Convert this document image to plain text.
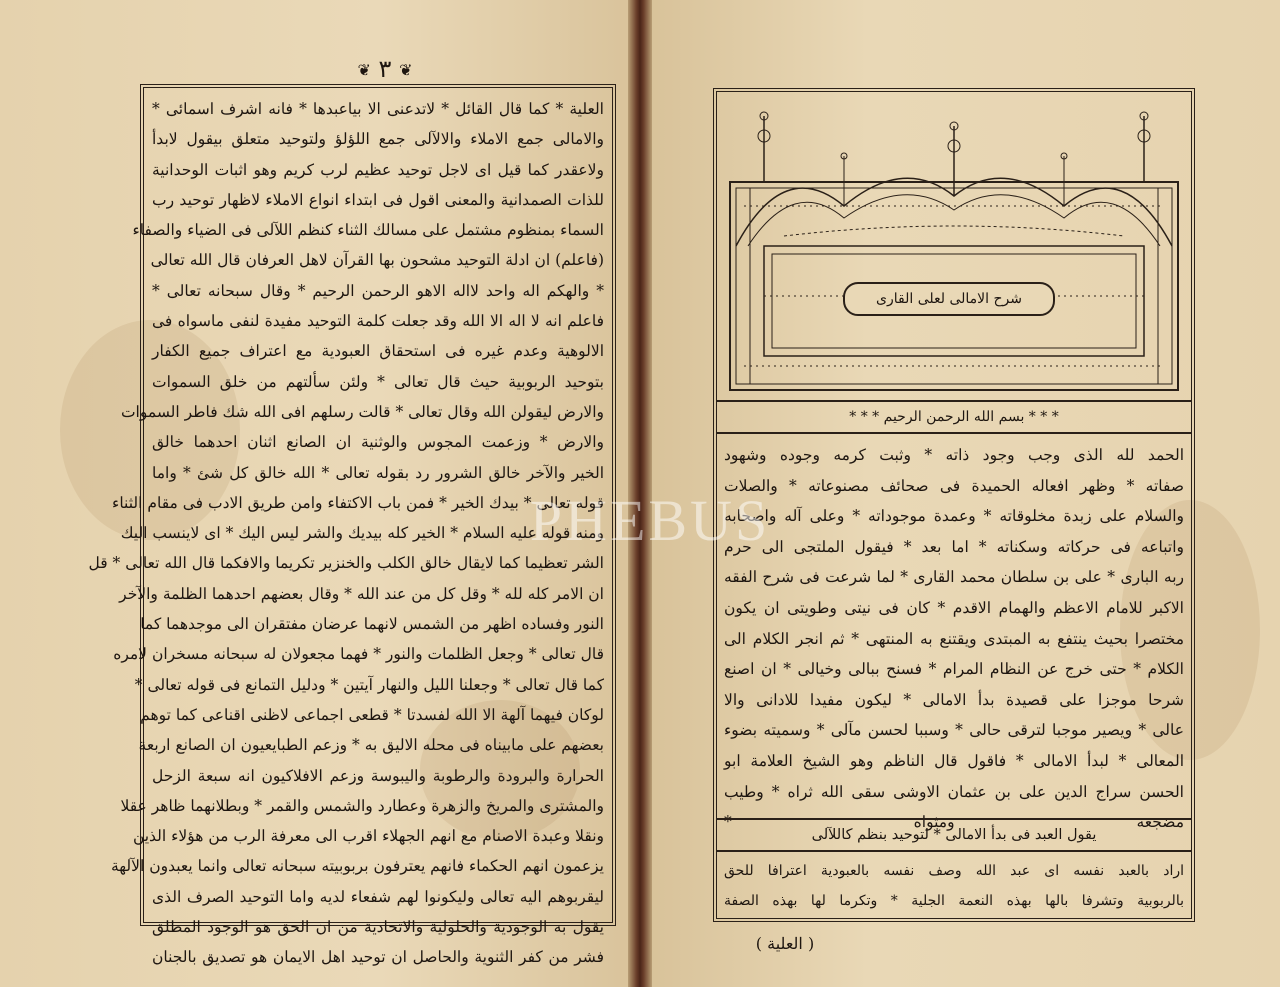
❦ ٣ ❦
العلية * كما قال القائل * لاتدعنى الا بياعبدها * فانه اشرف اسمائى *
والامالى جمع الاملاء والالآلى جمع اللؤلؤ ولتوحيد متعلق بيقول لابدأ
ولاعقدر كما قيل اى لاجل توحيد عظيم لرب كريم وهو اثبات الوحدانية
للذات الصمدانية والمعنى اقول فى ابتداء انواع الاملاء لاظهار توحيد رب
السماء بمنظوم مشتمل على مسالك الثناء كنظم اللآلى فى الضياء والصفاء
(فاعلم) ان ادلة التوحيد مشحون بها القرآن لاهل العرفان قال الله تعالى
* والهكم اله واحد لااله الاهو الرحمن الرحيم * وقال سبحانه تعالى *
فاعلم انه لا اله الا الله وقد جعلت كلمة التوحيد مفيدة لنفى ماسواه فى
الالوهية وعدم غيره فى استحقاق العبودية مع اعتراف جميع الكفار
بتوحيد الربوبية حيث قال تعالى * ولئن سألتهم من خلق السموات
والارض ليقولن الله وقال تعالى * قالت رسلهم افى الله شك فاطر السموات
والارض * وزعمت المجوس والوثنية ان الصانع اثنان احدهما خالق
الخير والآخر خالق الشرور رد بقوله تعالى * الله خالق كل شئ * واما
قوله تعالى * بيدك الخير * فمن باب الاكتفاء وامن طريق الادب فى مقام الثناء
ومنه قوله عليه السلام * الخير كله بيديك والشر ليس اليك * اى لاينسب اليك
الشر تعظيما كما لايقال خالق الكلب والخنزير تكريما والافكما قال الله تعالى * قل
ان الامر كله لله * وقل كل من عند الله * وقال بعضهم احدهما الظلمة والآخر
النور وفساده اظهر من الشمس لانهما عرضان مفتقران الى موجدهما كما
قال تعالى * وجعل الظلمات والنور * فهما مجعولان له سبحانه مسخران لامره
كما قال تعالى * وجعلنا الليل والنهار آيتين * ودليل التمانع فى قوله تعالى *
لوكان فيهما آلهة الا الله لفسدتا * قطعى اجماعى لاظنى اقناعى كما توهم
بعضهم على مابيناه فى محله الاليق به * وزعم الطبايعيون ان الصانع اربعة
الحرارة والبرودة والرطوبة واليبوسة وزعم الافلاكيون انه سبعة الزحل
والمشترى والمريخ والزهرة وعطارد والشمس والقمر * وبطلانهما ظاهر عقلا
ونقلا وعبدة الاصنام مع انهم الجهلاء اقرب الى معرفة الرب من هؤلاء الذين
يزعمون انهم الحكماء فانهم يعترفون بربوبيته سبحانه تعالى وانما يعبدون الآلهة
ليقربوهم اليه تعالى وليكونوا لهم شفعاء لديه واما التوحيد الصرف الذى
يقول به الوجودية والحلولية والاتحادية من ان الحق هو الوجود المطلق
فشر من كفر الثنوية والحاصل ان توحيد اهل الايمان هو تصديق بالجنان
شرح الامالى لعلى القارى
* * * بسم الله الرحمن الرحيم * * *
الحمد لله الذى وجب وجود ذاته * وثبت كرمه وجوده وشهود
صفاته * وظهر افعاله الحميدة فى صحائف مصنوعاته * والصلات
والسلام على زبدة مخلوقاته * وعمدة موجوداته * وعلى آله واصحابه
واتباعه فى حركاته وسكناته * اما بعد * فيقول الملتجى الى حرم
ربه البارى * على بن سلطان محمد القارى * لما شرعت فى شرح الفقه
الاكبر للامام الاعظم والهمام الاقدم * كان فى نيتى وطويتى ان يكون
مختصرا بحيث ينتفع به المبتدى ويقتنع به المنتهى * ثم انجر الكلام الى
الكلام * حتى خرج عن النظام المرام * فسنح ببالى وخيالى * ان اصنع
شرحا موجزا على قصيدة بدأ الامالى * ليكون مفيدا للادانى والا
عالى * ويصير موجبا لترقى حالى * وسببا لحسن مآلى * وسميته بضوء
المعالى * لبدأ الامالى * فاقول قال الناظم وهو الشيخ العلامة ابو
الحسن سراج الدين على بن عثمان الاوشى سقى الله ثراه * وطيب
مضجعه ومثواه *
يقول العبد فى بدأ الامالى * لتوحيد بنظم كاللآلى
اراد بالعبد نفسه اى عبد الله وصف نفسه بالعبودية اعترافا للحق
بالربوبية وتشرفا بالها بهذه النعمة الجلية * وتكرما لها بهذه الصفة
( العلية )
PHEBUS
